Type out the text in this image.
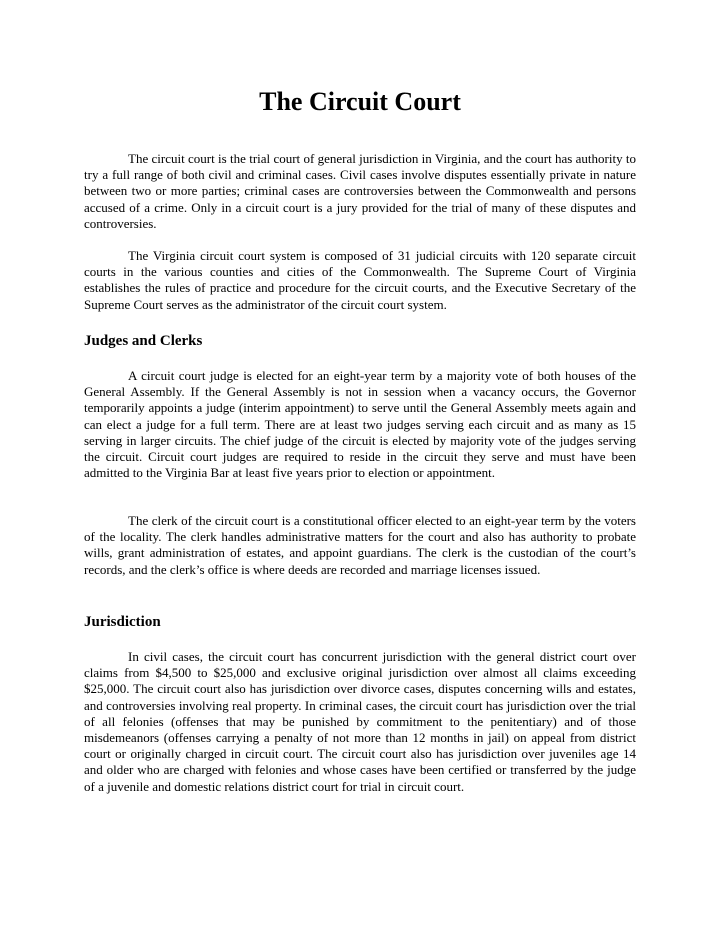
The Circuit Court

The circuit court is the trial court of general jurisdiction in Virginia, and the court has authority to try a full range of both civil and criminal cases. Civil cases involve disputes essentially private in nature between two or more parties; criminal cases are controversies between the Commonwealth and persons accused of a crime. Only in a circuit court is a jury provided for the trial of many of these disputes and controversies.

The Virginia circuit court system is composed of 31 judicial circuits with 120 separate circuit courts in the various counties and cities of the Commonwealth. The Supreme Court of Virginia establishes the rules of practice and procedure for the circuit courts, and the Executive Secretary of the Supreme Court serves as the administrator of the circuit court system.

Judges and Clerks

A circuit court judge is elected for an eight-year term by a majority vote of both houses of the General Assembly. If the General Assembly is not in session when a vacancy occurs, the Governor temporarily appoints a judge (interim appointment) to serve until the General Assembly meets again and can elect a judge for a full term. There are at least two judges serving each circuit and as many as 15 serving in larger circuits. The chief judge of the circuit is elected by majority vote of the judges serving the circuit. Circuit court judges are required to reside in the circuit they serve and must have been admitted to the Virginia Bar at least five years prior to election or appointment.

The clerk of the circuit court is a constitutional officer elected to an eight-year term by the voters of the locality. The clerk handles administrative matters for the court and also has authority to probate wills, grant administration of estates, and appoint guardians. The clerk is the custodian of the court’s records, and the clerk’s office is where deeds are recorded and marriage licenses issued.

Jurisdiction

In civil cases, the circuit court has concurrent jurisdiction with the general district court over claims from $4,500 to $25,000 and exclusive original jurisdiction over almost all claims exceeding $25,000. The circuit court also has jurisdiction over divorce cases, disputes concerning wills and estates, and controversies involving real property. In criminal cases, the circuit court has jurisdiction over the trial of all felonies (offenses that may be punished by commitment to the penitentiary) and of those misdemeanors (offenses carrying a penalty of not more than 12 months in jail) on appeal from district court or originally charged in circuit court. The circuit court also has jurisdiction over juveniles age 14 and older who are charged with felonies and whose cases have been certified or transferred by the judge of a juvenile and domestic relations district court for trial in circuit court.
